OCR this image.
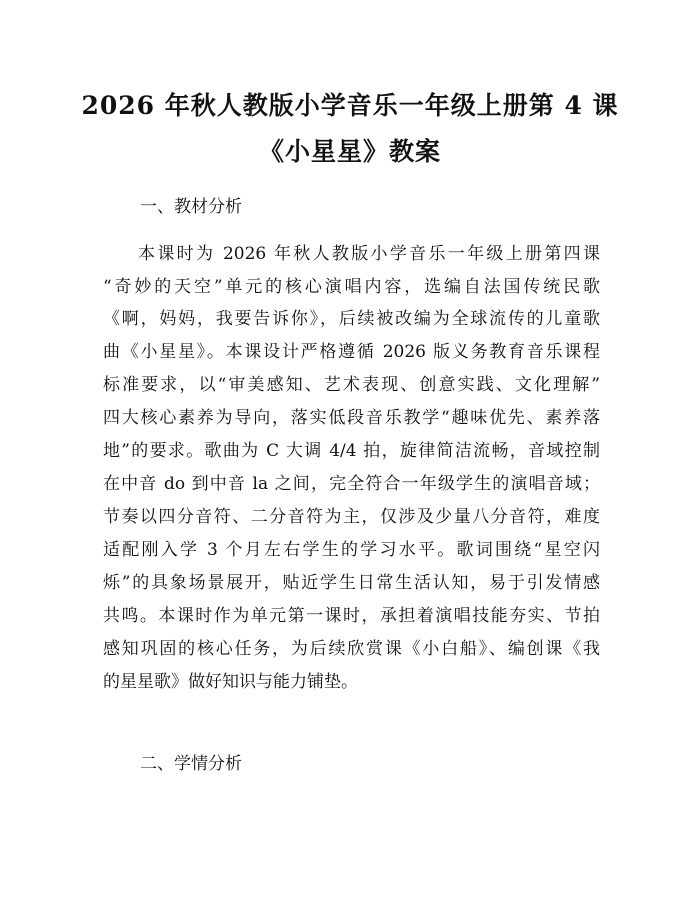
2026 年秋人教版小学音乐一年级上册第 4 课
《小星星》教案
一、教材分析
本课时为 2026 年秋人教版小学音乐一年级上册第四课
“奇妙的天空”单元的核心演唱内容，选编自法国传统民歌
《啊，妈妈，我要告诉你》，后续被改编为全球流传的儿童歌
曲《小星星》。本课设计严格遵循 2026 版义务教育音乐课程
标准要求，以“审美感知、艺术表现、创意实践、文化理解”
四大核心素养为导向，落实低段音乐教学“趣味优先、素养落
地”的要求。歌曲为 C 大调 4/4 拍，旋律简洁流畅，音域控制
在中音 do 到中音 la 之间，完全符合一年级学生的演唱音域；
节奏以四分音符、二分音符为主，仅涉及少量八分音符，难度
适配刚入学 3 个月左右学生的学习水平。歌词围绕“星空闪
烁”的具象场景展开，贴近学生日常生活认知，易于引发情感
共鸣。本课时作为单元第一课时，承担着演唱技能夯实、节拍
感知巩固的核心任务，为后续欣赏课《小白船》、编创课《我
的星星歌》做好知识与能力铺垫。
二、学情分析
